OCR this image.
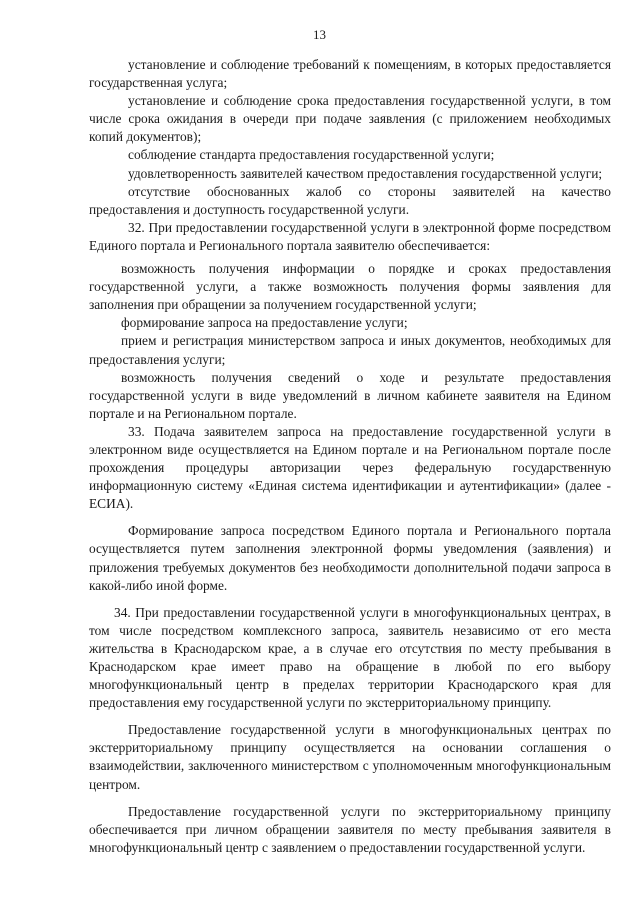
13

установление и соблюдение требований к помещениям, в которых предоставляется государственная услуга;

установление и соблюдение срока предоставления государственной услуги, в том числе срока ожидания в очереди при подаче заявления (с приложением необходимых копий документов);

соблюдение стандарта предоставления государственной услуги;

удовлетворенность заявителей качеством предоставления государственной услуги;

отсутствие обоснованных жалоб со стороны заявителей на качество предоставления и доступность государственной услуги.

32. При предоставлении государственной услуги в электронной форме посредством Единого портала и Регионального портала заявителю обеспечивается:

возможность получения информации о порядке и сроках предоставления государственной услуги, а также возможность получения формы заявления для заполнения при обращении за получением государственной услуги;

формирование запроса на предоставление услуги;

прием и регистрация министерством запроса и иных документов, необходимых для предоставления услуги;

возможность получения сведений о ходе и результате предоставления государственной услуги в виде уведомлений в личном кабинете заявителя на Едином портале и на Региональном портале.

33. Подача заявителем запроса на предоставление государственной услуги в электронном виде осуществляется на Едином портале и на Региональном портале после прохождения процедуры авторизации через федеральную государственную информационную систему «Единая система идентификации и аутентификации» (далее - ЕСИА).

Формирование запроса посредством Единого портала и Регионального портала осуществляется путем заполнения электронной формы уведомления (заявления) и приложения требуемых документов без необходимости дополнительной подачи запроса в какой-либо иной форме.

34. При предоставлении государственной услуги в многофункциональных центрах, в том числе посредством комплексного запроса, заявитель независимо от его места жительства в Краснодарском крае, а в случае его отсутствия по месту пребывания в Краснодарском крае имеет право на обращение в любой по его выбору многофункциональный центр в пределах территории Краснодарского края для предоставления ему государственной услуги по экстерриториальному принципу.

Предоставление государственной услуги в многофункциональных центрах по экстерриториальному принципу осуществляется на основании соглашения о взаимодействии, заключенного министерством с уполномоченным многофункциональным центром.

Предоставление государственной услуги по экстерриториальному принципу обеспечивается при личном обращении заявителя по месту пребывания заявителя в многофункциональный центр с заявлением о предоставлении государственной услуги.
